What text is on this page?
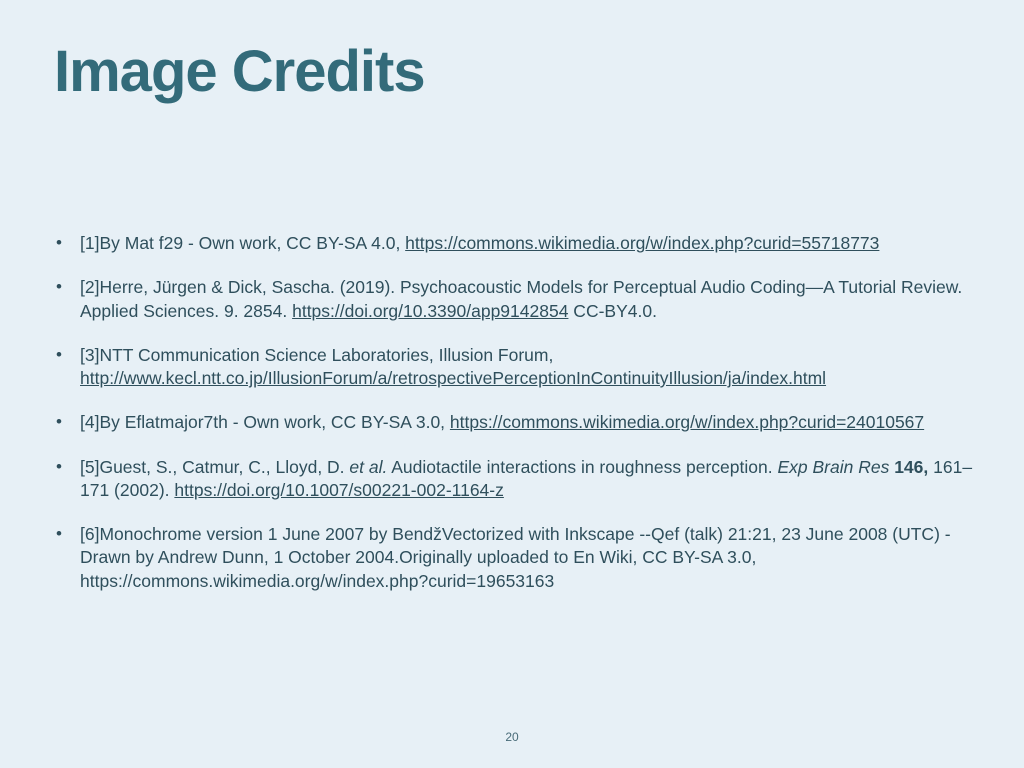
Image Credits
• [1]By Mat f29 - Own work, CC BY-SA 4.0, https://commons.wikimedia.org/w/index.php?curid=55718773
• [2]Herre, Jürgen & Dick, Sascha. (2019). Psychoacoustic Models for Perceptual Audio Coding—A Tutorial Review. Applied Sciences. 9. 2854. https://doi.org/10.3390/app9142854 CC-BY4.0.
• [3]NTT Communication Science Laboratories, Illusion Forum, http://www.kecl.ntt.co.jp/IllusionForum/a/retrospectivePerceptionInContinuityIllusion/ja/index.html
• [4]By Eflatmajor7th - Own work, CC BY-SA 3.0, https://commons.wikimedia.org/w/index.php?curid=24010567
• [5]Guest, S., Catmur, C., Lloyd, D. et al. Audiotactile interactions in roughness perception. Exp Brain Res 146, 161–171 (2002). https://doi.org/10.1007/s00221-002-1164-z
• [6]Monochrome version 1 June 2007 by BendžVectorized with Inkscape --Qef (talk) 21:21, 23 June 2008 (UTC) - Drawn by Andrew Dunn, 1 October 2004.Originally uploaded to En Wiki, CC BY-SA 3.0, https://commons.wikimedia.org/w/index.php?curid=19653163
20
